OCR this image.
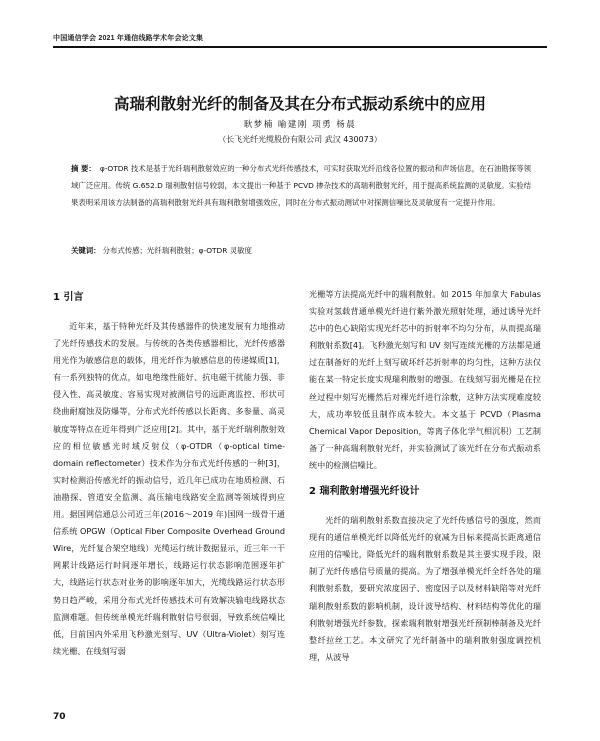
中国通信学会 2021 年通信线路学术年会论文集
高瑞利散射光纤的制备及其在分布式振动系统中的应用
耿梦楠 喻建刚 项勇 杨晨
（长飞光纤光缆股份有限公司 武汉 430073）
摘 要： φ-OTDR 技术是基于光纤瑞利散射效应的一种分布式光纤传感技术，可实时获取光纤沿线各位置的振动和声场信息，在石油勘探等领域广泛应用。传统 G.652.D 瑞利散射信号较弱，本文提出一种基于 PCVD 掺杂技术的高瑞利散射光纤，用于提高系统监测的灵敏度。实验结果表明采用该方法制备的高瑞利散射光纤具有瑞利散射增强效应，同时在分布式振动测试中对探测信噪比及灵敏度有一定提升作用。
关键词： 分布式传感；光纤瑞利散射；φ-OTDR 灵敏度
1 引言

近年来，基于特种光纤及其传感器件的快速发展有力地推动了光纤传感技术的发展。与传统的各类传感器相比，光纤传感器用光作为敏感信息的载体，用光纤作为敏感信息的传递媒质[1]，有一系列独特的优点，如电绝缘性能好、抗电磁干扰能力强、非侵入性、高灵敏度、容易实现对被测信号的远距离监控、形状可绕曲耐腐蚀及防爆等，分布式光纤传感以长距离、多参量、高灵敏度等特点在近年得到广泛应用[2]。其中，基于光纤瑞利散射效应的相位敏感光时域反射仪（φ-OTDR（φ-optical time-domain reflectometer）技术作为分布式光纤传感的一种[3]，实时检测沿传感光纤的振动信号，近几年已成功在地质检测、石油勘探、管道安全监测、高压输电线路安全监测等领域得到应用。据国网信通总公司近三年(2016～2019 年)国网一级骨干通信系统 OPGW（Optical Fiber Composite Overhead Ground Wire，光纤复合架空地线）光缆运行统计数据显示，近三年一干网累计线路运行时间逐年增长，线路运行状态影响范围逐年扩大，线路运行状态对业务的影响逐年加大，光缆线路运行状态形势日趋严峻，采用分布式光纤传感技术可有效解决输电线路状态监测难题。但传统单模光纤瑞利散射信号很弱，导致系统信噪比低，目前国内外采用飞秒激光刻写、UV（Ultra-Violet）刻写连续光栅、在线刻写弱

光栅等方法提高光纤中的瑞利散射。如 2015 年加拿大 Fabulas 实验对氢载背通单模光纤进行紫外激光照射处理，通过诱导光纤芯中的色心缺陷实现光纤芯中的折射率不均匀分布，从而提高瑞利散射系数[4]。飞秒激光刻写和 UV 刻写连续光栅的方法都是通过在制备好的光纤上刻写破坏纤芯折射率的均匀性，这种方法仅能在某一特定长度实现瑞利散射的增强。在线刻写弱光栅是在拉丝过程中刻写光栅然后对裸光纤进行涂敷，这种方法实现难度较大，成功率较低且制作成本较大。本文基于 PCVD（Plasma Chemical Vapor Deposition，等离子体化学气相沉积）工艺制备了一种高瑞利散射光纤，并实验测试了该光纤在分布式振动系统中的检测信噪比。

2 瑞利散射增强光纤设计

光纤的瑞利散射系数直接决定了光纤传感信号的强度，然而现有的通信单模光纤以降低光纤的衰减为目标来提高长距离通信应用的信噪比，降低光纤的瑞利散射系数是其主要实现手段，限制了光纤传感信号质量的提高。为了增强单模光纤全纤各处的瑞利散射系数，要研究浓度因子、密度因子以及材料缺陷等对光纤瑞利散射系数的影响机制，设计波导结构、材料结构等优化的瑞利散射增强光纤参数，探索瑞利散射增强光纤预制棒制备及光纤整纤拉丝工艺。本文研究了光纤制备中的瑞利散射强度调控机理，从波导

70
